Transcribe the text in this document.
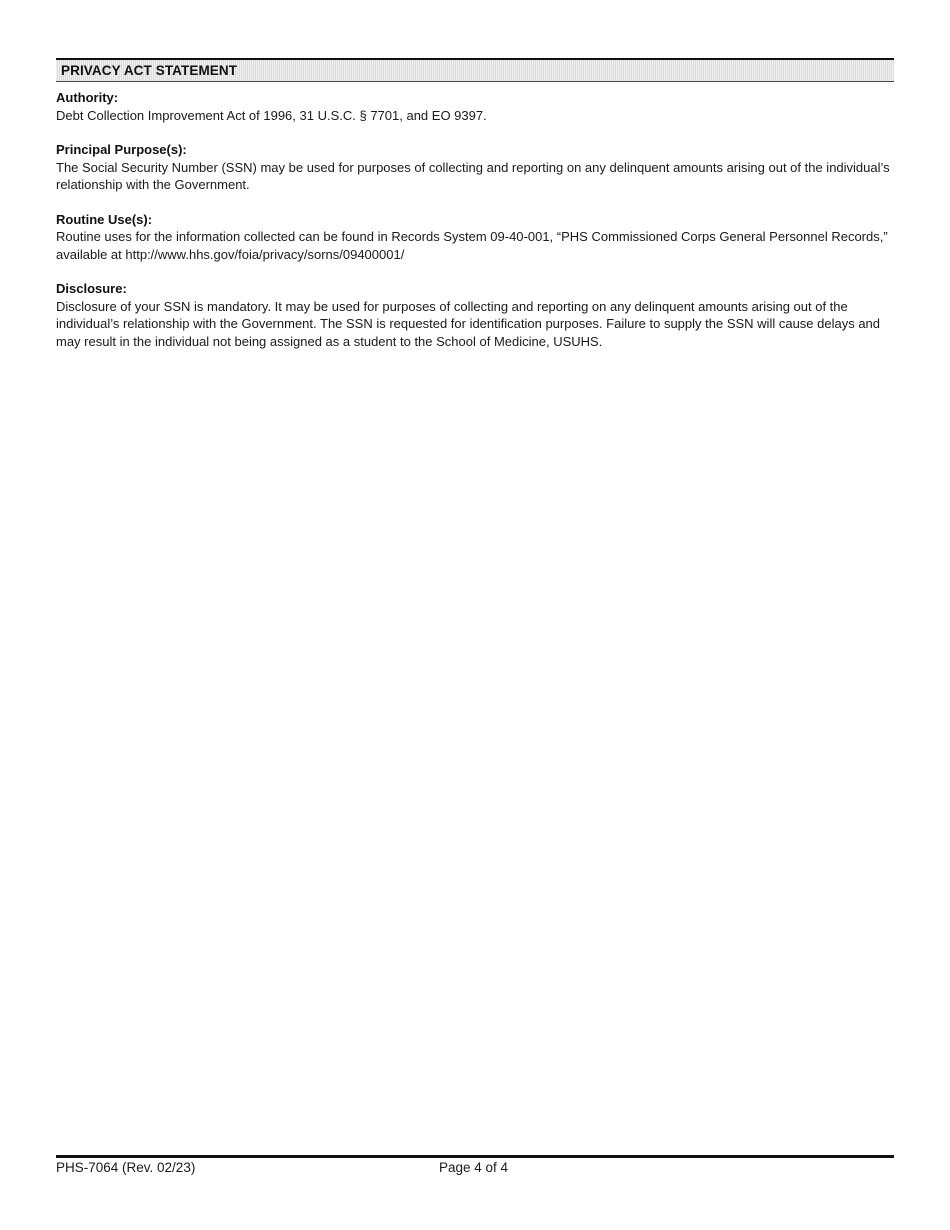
PRIVACY ACT STATEMENT
Authority:
Debt Collection Improvement Act of 1996, 31 U.S.C. § 7701, and EO 9397.
Principal Purpose(s):
The Social Security Number (SSN) may be used for purposes of collecting and reporting on any delinquent amounts arising out of the individual’s relationship with the Government.
Routine Use(s):
Routine uses for the information collected can be found in Records System 09-40-001, “PHS Commissioned Corps General Personnel Records,” available at http://www.hhs.gov/foia/privacy/sorns/09400001/
Disclosure:
Disclosure of your SSN is mandatory. It may be used for purposes of collecting and reporting on any delinquent amounts arising out of the individual’s relationship with the Government. The SSN is requested for identification purposes. Failure to supply the SSN will cause delays and may result in the individual not being assigned as a student to the School of Medicine, USUHS.
PHS-7064 (Rev. 02/23)	Page 4 of 4
